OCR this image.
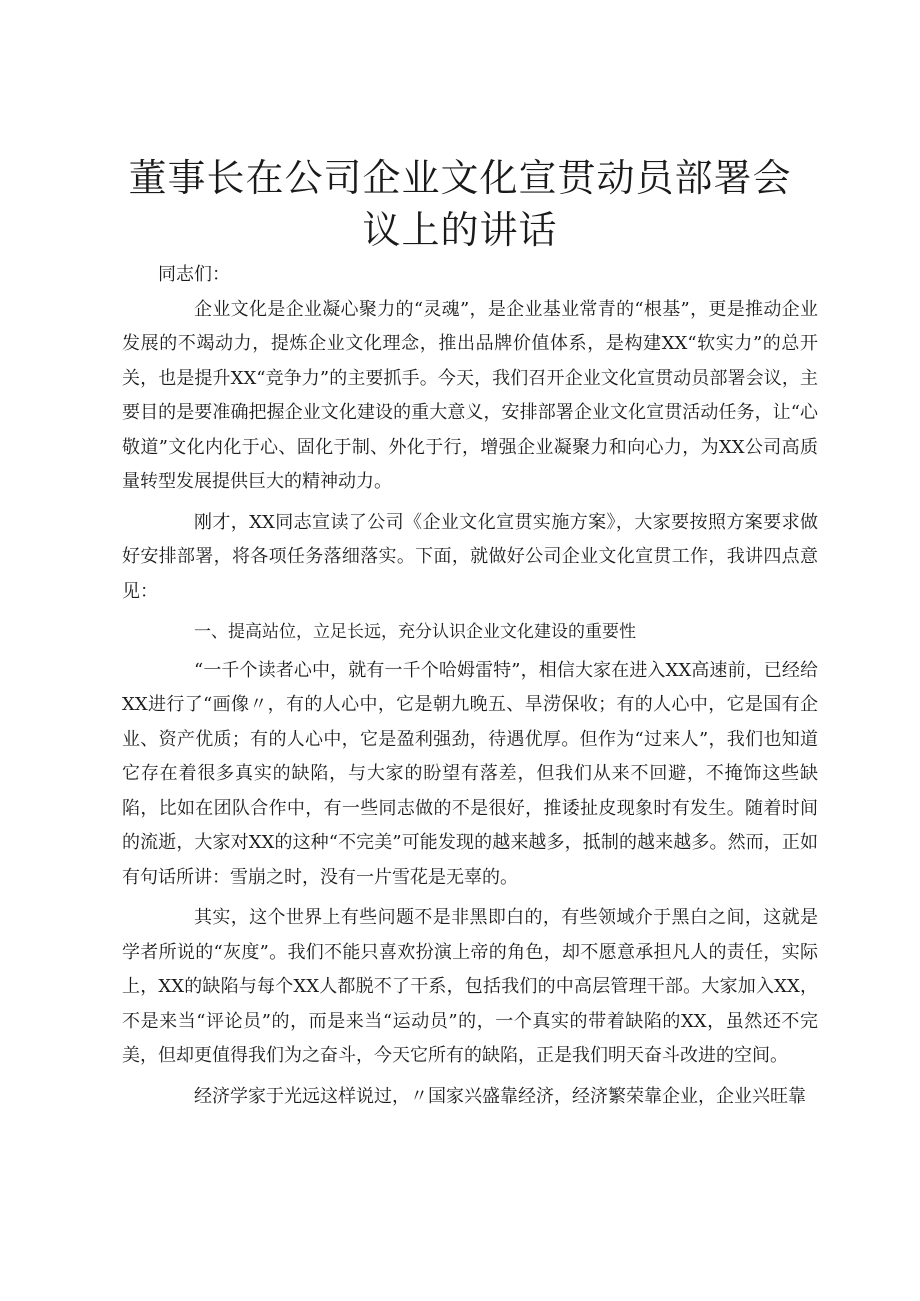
董事长在公司企业文化宣贯动员部署会议上的讲话

同志们：

企业文化是企业凝心聚力的“灵魂”，是企业基业常青的“根基”，更是推动企业发展的不竭动力，提炼企业文化理念，推出品牌价值体系，是构建XX“软实力”的总开关，也是提升XX“竞争力”的主要抓手。今天，我们召开企业文化宣贯动员部署会议，主要目的是要准确把握企业文化建设的重大意义，安排部署企业文化宣贯活动任务，让“心敬道”文化内化于心、固化于制、外化于行，增强企业凝聚力和向心力，为XX公司高质量转型发展提供巨大的精神动力。

刚才，XX同志宣读了公司《企业文化宣贯实施方案》，大家要按照方案要求做好安排部署，将各项任务落细落实。下面，就做好公司企业文化宣贯工作，我讲四点意见：

一、提高站位，立足长远，充分认识企业文化建设的重要性

“一千个读者心中，就有一千个哈姆雷特”，相信大家在进入XX高速前，已经给XX进行了“画像〃，有的人心中，它是朝九晚五、旱涝保收；有的人心中，它是国有企业、资产优质；有的人心中，它是盈利强劲，待遇优厚。但作为“过来人”，我们也知道它存在着很多真实的缺陷，与大家的盼望有落差，但我们从来不回避，不掩饰这些缺陷，比如在团队合作中，有一些同志做的不是很好，推诿扯皮现象时有发生。随着时间的流逝，大家对XX的这种“不完美”可能发现的越来越多，抵制的越来越多。然而，正如有句话所讲：雪崩之时，没有一片雪花是无辜的。

其实，这个世界上有些问题不是非黑即白的，有些领域介于黑白之间，这就是学者所说的“灰度”。我们不能只喜欢扮演上帝的角色，却不愿意承担凡人的责任，实际上，XX的缺陷与每个XX人都脱不了干系，包括我们的中高层管理干部。大家加入XX，不是来当“评论员”的，而是来当“运动员”的，一个真实的带着缺陷的XX，虽然还不完美，但却更值得我们为之奋斗，今天它所有的缺陷，正是我们明天奋斗改进的空间。

经济学家于光远这样说过，〃国家兴盛靠经济，经济繁荣靠企业，企业兴旺靠
